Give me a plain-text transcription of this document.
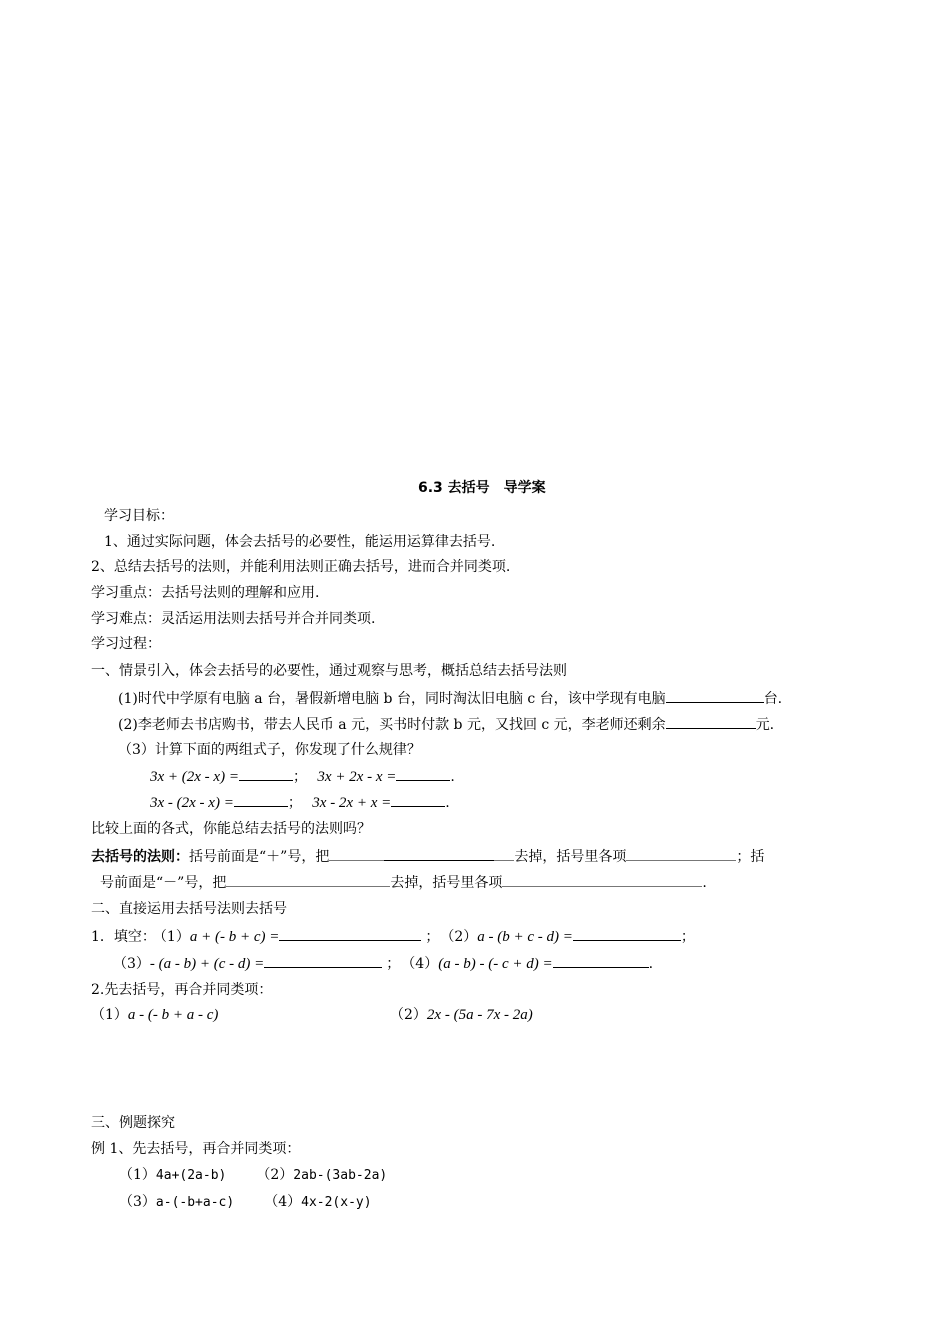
6.3 去括号　导学案
学习目标：
1、通过实际问题，体会去括号的必要性，能运用运算律去括号.
2、总结去括号的法则，并能利用法则正确去括号，进而合并同类项.
学习重点：去括号法则的理解和应用.
学习难点：灵活运用法则去括号并合并同类项.
学习过程：
一、情景引入，体会去括号的必要性，通过观察与思考，概括总结去括号法则
(1)时代中学原有电脑 a 台，暑假新增电脑 b 台，同时淘汰旧电脑 c 台，该中学现有电脑	台.
(2)李老师去书店购书，带去人民币 a 元，买书时付款 b 元，又找回 c 元，李老师还剩余	元.
（3）计算下面的两组式子，你发现了什么规律？
3x + (2x - x) =	； 3x + 2x - x =	.
3x - (2x - x) =	； 3x - 2x + x =	.
比较上面的各式，你能总结去括号的法则吗？
去括号的法则：括号前面是“＋”号，把	去掉，括号里各项	；括
号前面是“－”号，把	去掉，括号里各项	.
二、直接运用去括号法则去括号
1．填空： （1）a + (- b + c) =	； （2）a - (b + c - d) =	；
（3）- (a - b) + (c - d) =	； （4）(a - b) - (- c + d) =	.
2.先去括号，再合并同类项：
（1）a - (- b + a - c)	（2）2x - (5a - 7x - 2a)
三、例题探究
例 1、先去括号，再合并同类项：
（1）4a+(2a-b) （2）2ab-(3ab-2a)
（3）a-(-b+a-c) （4）4x-2(x-y)
